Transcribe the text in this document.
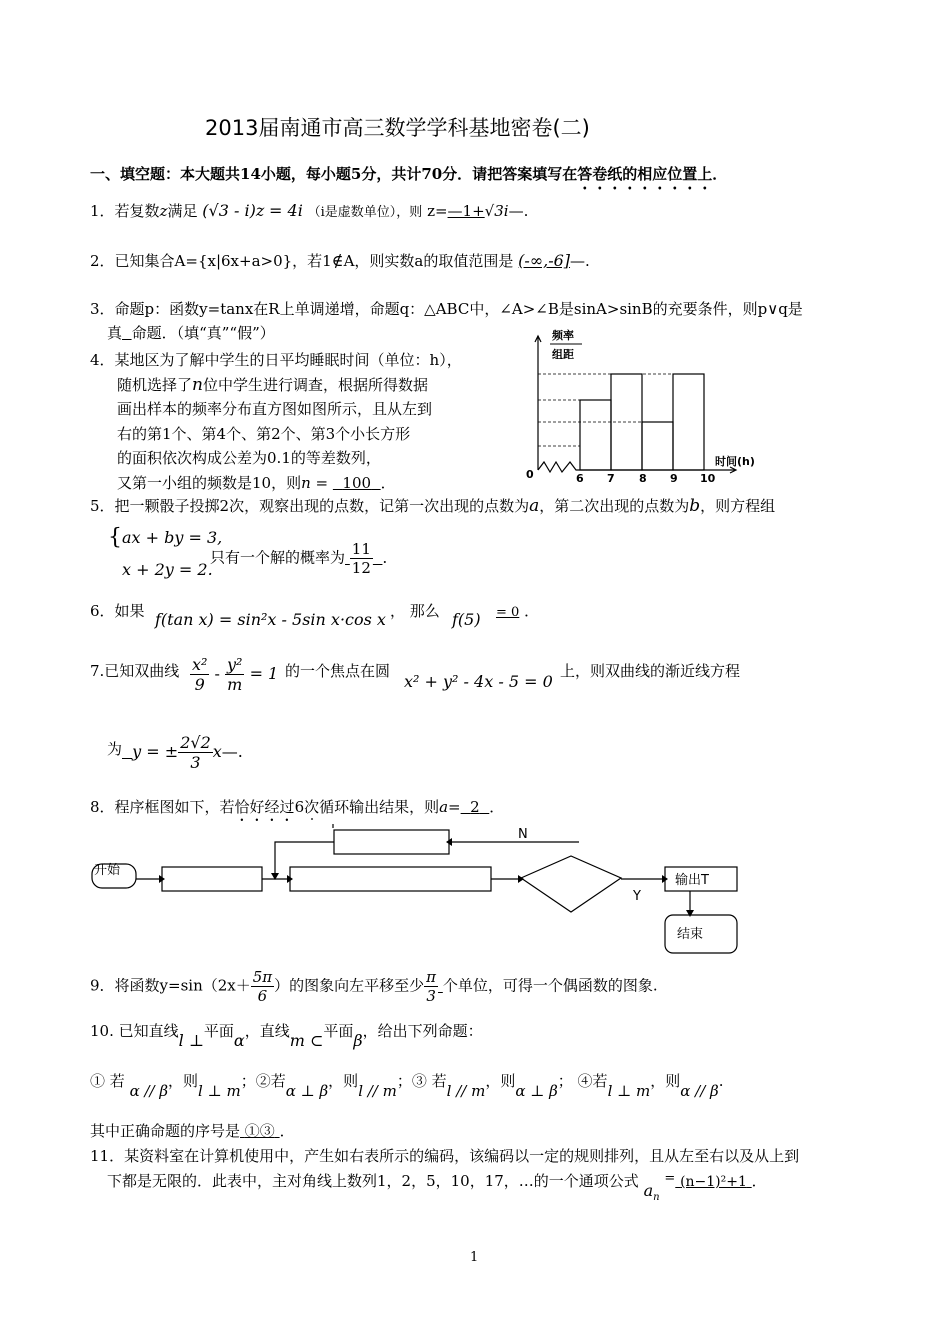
2013届南通市高三数学学科基地密卷(二)
一、填空题：本大题共14小题，每小题5分，共计70分．请把答案填写在答卷纸的相应位置上．
1．若复数z满足 (√3 - i)z = 4i （i是虚数单位），则 z=—1+√3i—.
2．已知集合A={x|6x+a>0}，若1∉A，则实数a的取值范围是 (-∞,-6]—.
3．命题p：函数y=tanx在R上单调递增，命题q：△ABC中，∠A>∠B是sinA>sinB的充要条件，则p∨q是
真 命题．（填“真”“假”）
4．某地区为了解中学生的日平均睡眠时间（单位：h），
随机选择了n位中学生进行调查，根据所得数据
画出样本的频率分布直方图如图所示，且从左到
右的第1个、第4个、第2个、第3个小长方形
的面积依次构成公差为0.1的等差数列，
又第一小组的频数是10，则n =   100 ．
频率
组距
时间(h)
0	6 7 8 9 10
5．把一颗骰子投掷2次，观察出现的点数，记第一次出现的点数为a，第二次出现的点数为b，则方程组
{ ax + by = 3,
x + 2y = 2.
只有一个解的概率为 $\frac{11}{12}$ ．
6．如果 f(tan x) = sin²x - 5sin x·cos x ， 那么 f(5) = 0 ．
7.已知双曲线 $\frac{\text{x²}}{9} - \frac{\text{y²}}{m} = 1$ 的一个焦点在圆
x² + y² - 4x - 5 = 0
上，则双曲线的渐近线方程
为 y = ± $\frac{2√2}{3}$ x—.
8．程序框图如下，若恰好经过6次循环输出结果，则a= 2 ．
开始
N
Y
输出T
结束
9．将函数$y=\sin(2x+ \frac{5\pi}{6}$ ）的图象向左平移至少 $\frac{\pi}{3}$ 个单位，可得一个偶函数的图象.
10. 已知直线l ⊥平面α，直线m ⊂平面β，给出下列命题：
① 若 α // β，则l ⊥ m；②若α ⊥ β，则l // m；③ 若l // m，则α ⊥ β； ④若l ⊥ m，则α // β.
其中正确命题的序号是 ①③ ．
11．某资料室在计算机使用中，产生如右表所示的编码，该编码以一定的规则排列，且从左至右以及从上到
下都是无限的．此表中，主对角线上数列1，2，5，10，17，…的一个通项公式 $a_n = (n-1)^2+1$ ．
1
